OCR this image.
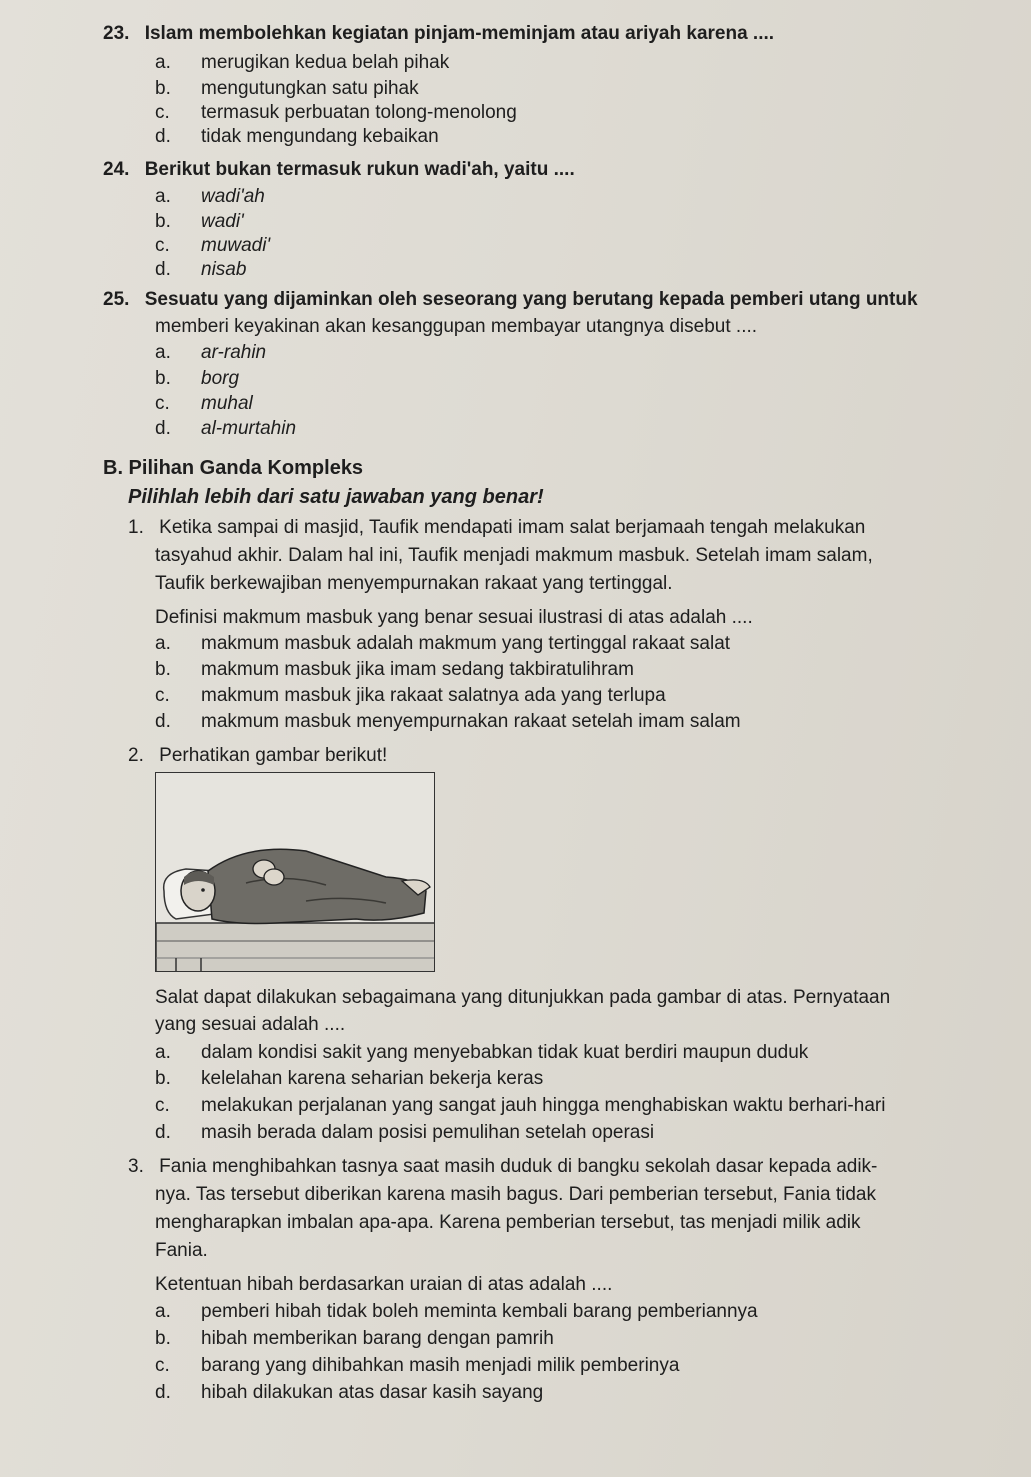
23. Islam membolehkan kegiatan pinjam-meminjam atau ariyah karena ....
a. merugikan kedua belah pihak
b. mengutungkan satu pihak
c. termasuk perbuatan tolong-menolong
d. tidak mengundang kebaikan
24. Berikut bukan termasuk rukun wadi'ah, yaitu ....
a. wadi'ah
b. wadi'
c. muwadi'
d. nisab
25. Sesuatu yang dijaminkan oleh seseorang yang berutang kepada pemberi utang untuk
memberi keyakinan akan kesanggupan membayar utangnya disebut ....
a. ar-rahin
b. borg
c. muhal
d. al-murtahin
B. Pilihan Ganda Kompleks
Pilihlah lebih dari satu jawaban yang benar!
1. Ketika sampai di masjid, Taufik mendapati imam salat berjamaah tengah melakukan
tasyahud akhir. Dalam hal ini, Taufik menjadi makmum masbuk. Setelah imam salam,
Taufik berkewajiban menyempurnakan rakaat yang tertinggal.
Definisi makmum masbuk yang benar sesuai ilustrasi di atas adalah ....
a. makmum masbuk adalah makmum yang tertinggal rakaat salat
b. makmum masbuk jika imam sedang takbiratulihram
c. makmum masbuk jika rakaat salatnya ada yang terlupa
d. makmum masbuk menyempurnakan rakaat setelah imam salam
2. Perhatikan gambar berikut!
Salat dapat dilakukan sebagaimana yang ditunjukkan pada gambar di atas. Pernyataan
yang sesuai adalah ....
a. dalam kondisi sakit yang menyebabkan tidak kuat berdiri maupun duduk
b. kelelahan karena seharian bekerja keras
c. melakukan perjalanan yang sangat jauh hingga menghabiskan waktu berhari-hari
d. masih berada dalam posisi pemulihan setelah operasi
3. Fania menghibahkan tasnya saat masih duduk di bangku sekolah dasar kepada adik-
nya. Tas tersebut diberikan karena masih bagus. Dari pemberian tersebut, Fania tidak
mengharapkan imbalan apa-apa. Karena pemberian tersebut, tas menjadi milik adik
Fania.
Ketentuan hibah berdasarkan uraian di atas adalah ....
a. pemberi hibah tidak boleh meminta kembali barang pemberiannya
b. hibah memberikan barang dengan pamrih
c. barang yang dihibahkan masih menjadi milik pemberinya
d. hibah dilakukan atas dasar kasih sayang
